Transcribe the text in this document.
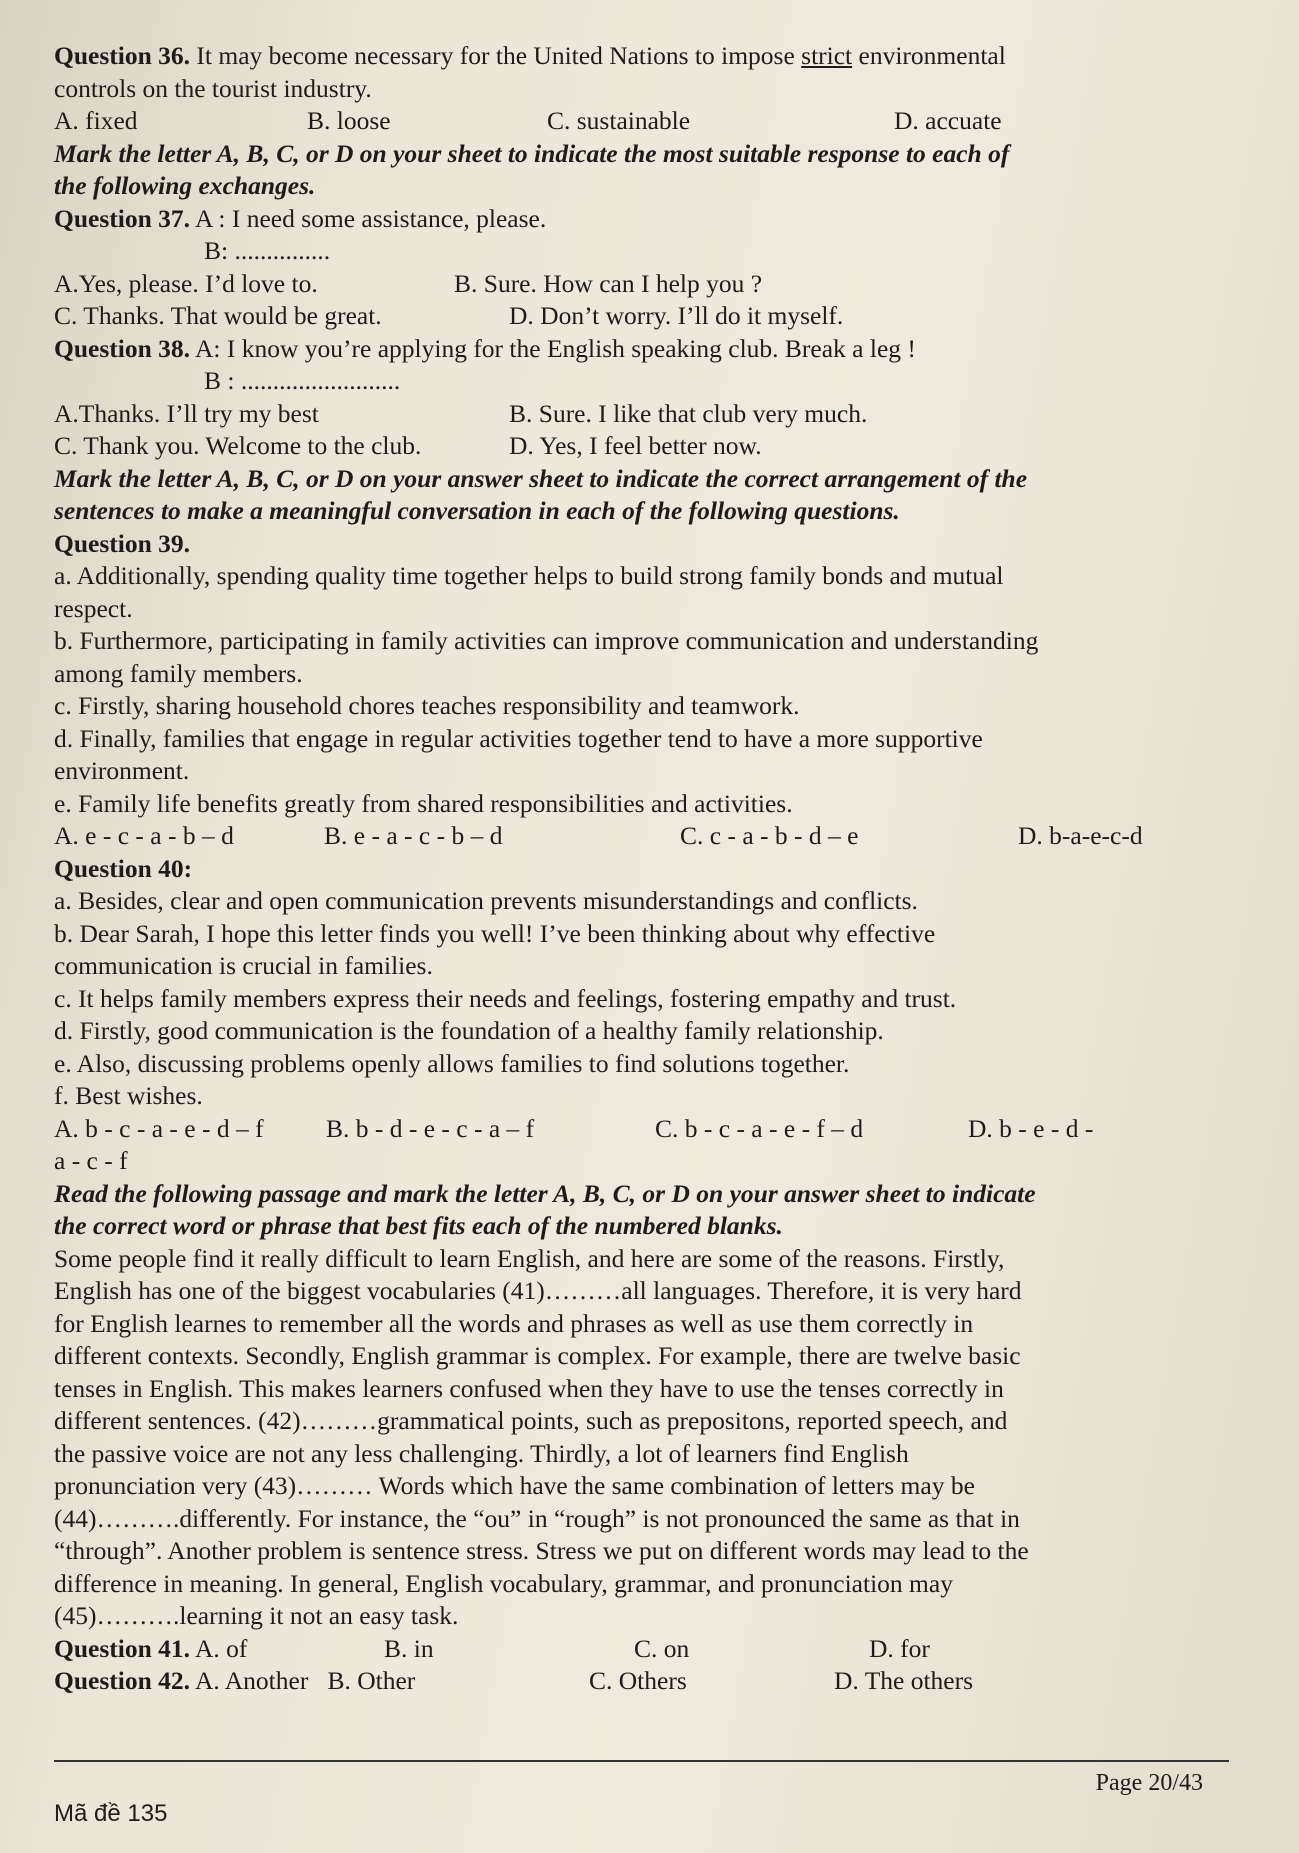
Question 36. It may become necessary for the United Nations to impose strict environmental
controls on the tourist industry.
A. fixed	B. loose	C. sustainable	D. accuate
Mark the letter A, B, C, or D on your sheet to indicate the most suitable response to each of
the following exchanges.
Question 37. A : I need some assistance, please.
B: ...............
A.Yes, please. I’d love to.	B. Sure. How can I help you ?
C. Thanks. That would be great.	D. Don’t worry. I’ll do it myself.
Question 38. A: I know you’re applying for the English speaking club. Break a leg !
B : .........................
A.Thanks. I’ll try my best	B. Sure. I like that club very much.
C. Thank you. Welcome to the club.	D. Yes, I feel better now.
Mark the letter A, B, C, or D on your answer sheet to indicate the correct arrangement of the
sentences to make a meaningful conversation in each of the following questions.
Question 39.
a. Additionally, spending quality time together helps to build strong family bonds and mutual
respect.
b. Furthermore, participating in family activities can improve communication and understanding
among family members.
c. Firstly, sharing household chores teaches responsibility and teamwork.
d. Finally, families that engage in regular activities together tend to have a more supportive
environment.
e. Family life benefits greatly from shared responsibilities and activities.
A. e - c - a - b – d	B. e - a - c - b – d	C. c - a - b - d – e	D. b-a-e-c-d
Question 40:
a. Besides, clear and open communication prevents misunderstandings and conflicts.
b. Dear Sarah, I hope this letter finds you well! I’ve been thinking about why effective
communication is crucial in families.
c. It helps family members express their needs and feelings, fostering empathy and trust.
d. Firstly, good communication is the foundation of a healthy family relationship.
e. Also, discussing problems openly allows families to find solutions together.
f. Best wishes.
A. b - c - a - e - d – f	B. b - d - e - c - a – f	C. b - c - a - e - f – d	D. b - e - d -
a - c - f
Read the following passage and mark the letter A, B, C, or D on your answer sheet to indicate
the correct word or phrase that best fits each of the numbered blanks.
Some people find it really difficult to learn English, and here are some of the reasons. Firstly,
English has one of the biggest vocabularies (41)………all languages. Therefore, it is very hard
for English learnes to remember all the words and phrases as well as use them correctly in
different contexts. Secondly, English grammar is complex. For example, there are twelve basic
tenses in English. This makes learners confused when they have to use the tenses correctly in
different sentences. (42)………grammatical points, such as prepositons, reported speech, and
the passive voice are not any less challenging. Thirdly, a lot of learners find English
pronunciation very (43)……… Words which have the same combination of letters may be
(44)……….differently. For instance, the “ou” in “rough” is not pronounced the same as that in
“through”. Another problem is sentence stress. Stress we put on different words may lead to the
difference in meaning. In general, English vocabulary, grammar, and pronunciation may
(45)……….learning it not an easy task.
Question 41. A. of	B. in	C. on	D. for
Question 42. A. Another B. Other	C. Others	D. The others
Page 20/43
Mã đề 135
